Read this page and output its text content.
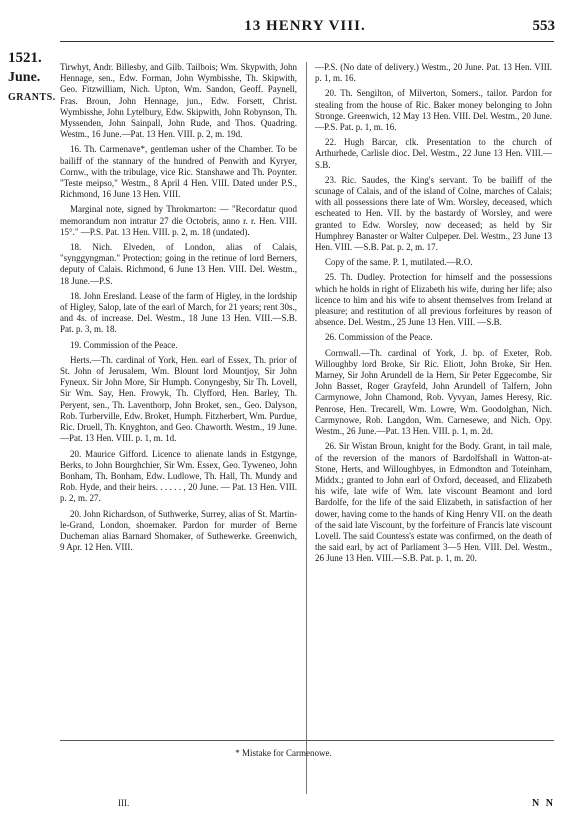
13 HENRY VIII.	553
1521.
June.
GRANTS.

Tirwhyt, Andr. Billesby, and Gilb. Tailbois; Wm. Skypwith, John Hennage, sen., Edw. Forman, John Wymbisshe, Th. Skipwith, Geo. Fitzwilliam, Nich. Upton, Wm. Sandon, Geoff. Paynell, Fras. Broun, John Hennage, jun., Edw. Forsett, Christ. Wymbisshe, John Lytelbury, Edw. Skipwith, John Robynson, Th. Myssenden, John Sainpall, John Rude, and Thos. Quadring. Westm., 16 June.—Pat. 13 Hen. VIII. p. 2, m. 19d.

16. Th. Carmenave*, gentleman usher of the Chamber. To be bailiff of the stannary of the hundred of Penwith and Kyryer, Cornw., with the tribulage, vice Ric. Stanshawe and Th. Poynter. "Teste meipso," Westm., 8 April 4 Hen. VIII. Dated under P.S., Richmond, 16 June 13 Hen. VIII.

Marginal note, signed by Throkmarton: — "Recordatur quod memorandum non intratur 27 die Octobris, anno r. r. Hen. VIII. 15°." —P.S. Pat. 13 Hen. VIII. p. 2, m. 18 (undated).

18. Nich. Elveden, of London, alias of Calais, "synggyngman." Protection; going in the retinue of lord Berners, deputy of Calais. Richmond, 6 June 13 Hen. VIII. Del. Westm., 18 June.—P.S.

18. John Eresland. Lease of the farm of Higley, in the lordship of Higley, Salop, late of the earl of March, for 21 years; rent 30s., and 4s. of increase. Del. Westm., 18 June 13 Hen. VIII.—S.B. Pat. p. 3, m. 18.

19. Commission of the Peace.

Herts.—Th. cardinal of York, Hen. earl of Essex, Th. prior of St. John of Jerusalem, Wm. Blount lord Mountjoy, Sir John Fyneux. Sir John More, Sir Humph. Conyngesby, Sir Th. Lovell, Sir Wm. Say, Hen. Frowyk, Th. Clyfford, Hen. Barley, Th. Peryent, sen., Th. Laventhorp, John Broket, sen., Geo. Dalyson, Rob. Turberville, Edw. Broket, Humph. Fitzherbert, Wm. Purdue, Ric. Druell, Th. Knyghton, and Geo. Chaworth. Westm., 19 June.—Pat. 13 Hen. VIII. p. 1, m. 1d.

20. Maurice Gifford. Licence to alienate lands in Estgynge, Berks, to John Bourghchier, Sir Wm. Essex, Geo. Tyweneo, John Bonham, Th. Bonham, Edw. Ludlowe, Th. Hall, Th. Mundy and Rob. Hyde, and their heirs. . . . . . , 20 June. — Pat. 13 Hen. VIII. p. 2, m. 27.

20. John Richardson, of Suthwerke, Surrey, alias of St. Martin-le-Grand, London, shoemaker. Pardon for murder of Berne Ducheman alias Barnard Shomaker, of Suthewerke. Greenwich, 9 Apr. 12 Hen. VIII.

—P.S. (No date of delivery.) Westm., 20 June. Pat. 13 Hen. VIII. p. 1, m. 16.

20. Th. Sengilton, of Milverton, Somers., tailor. Pardon for stealing from the house of Ric. Baker money belonging to John Stronge. Greenwich, 12 May 13 Hen. VIII. Del. Westm., 20 June.—P.S. Pat. p. 1, m. 16.

22. Hugh Barcar, clk. Presentation to the church of Arthurhede, Carlisle dioc. Del. Westm., 22 June 13 Hen. VIII.—S.B.

23. Ric. Saudes, the King's servant. To be bailiff of the scunage of Calais, and of the island of Colne, marches of Calais; with all possessions there late of Wm. Worsley, deceased, which escheated to Hen. VII. by the bastardy of Worsley, and were granted to Edw. Worsley, now deceased; as held by Sir Humphrey Banaster or Walter Culpeper. Del. Westm., 23 June 13 Hen. VIII. —S.B. Pat. p. 2, m. 17.

Copy of the same. P. 1, mutilated.—R.O.

25. Th. Dudley. Protection for himself and the possessions which he holds in right of Elizabeth his wife, during her life; also licence to him and his wife to absent themselves from Ireland at pleasure; and restitution of all previous forfeitures by reason of absence. Del. Westm., 25 June 13 Hen. VIII. —S.B.

26. Commission of the Peace.

Cornwall.—Th. cardinal of York, J. bp. of Exeter, Rob. Willoughby lord Broke, Sir Ric. Eliott, John Broke, Sir Hen. Marney, Sir John Arundell de la Hern, Sir Peter Eggecombe, Sir John Basset, Roger Grayfeld, John Arundell of Talfern, John Carmynowe, John Chamond, Rob. Vyvyan, James Heresy, Ric. Penrose, Hen. Trecarell, Wm. Lowre, Wm. Goodolghan, Nich. Carmynowe, Rob. Langdon, Wm. Carnesewe, and Nich. Opy. Westm., 26 June.—Pat. 13 Hen. VIII. p. 1, m. 2d.

26. Sir Wistan Broun, knight for the Body. Grant, in tail male, of the reversion of the manors of Bardolfshall in Watton-at-Stone, Herts, and Willoughbyes, in Edmondton and Toteinham, Middx.; granted to John earl of Oxford, deceased, and Elizabeth his wife, late wife of Wm. late viscount Beamont and lord Bardolfe, for the life of the said Elizabeth, in satisfaction of her dower, having come to the hands of King Henry VII. on the death of the said late Viscount, by the forfeiture of Francis late viscount Lovell. The said Countess's estate was confirmed, on the death of the said earl, by act of Parliament 3—5 Hen. VIII. Del. Westm., 26 June 13 Hen. VIII.—S.B. Pat. p. 1, m. 20.

* Mistake for Carmenowe.
III.	N N
